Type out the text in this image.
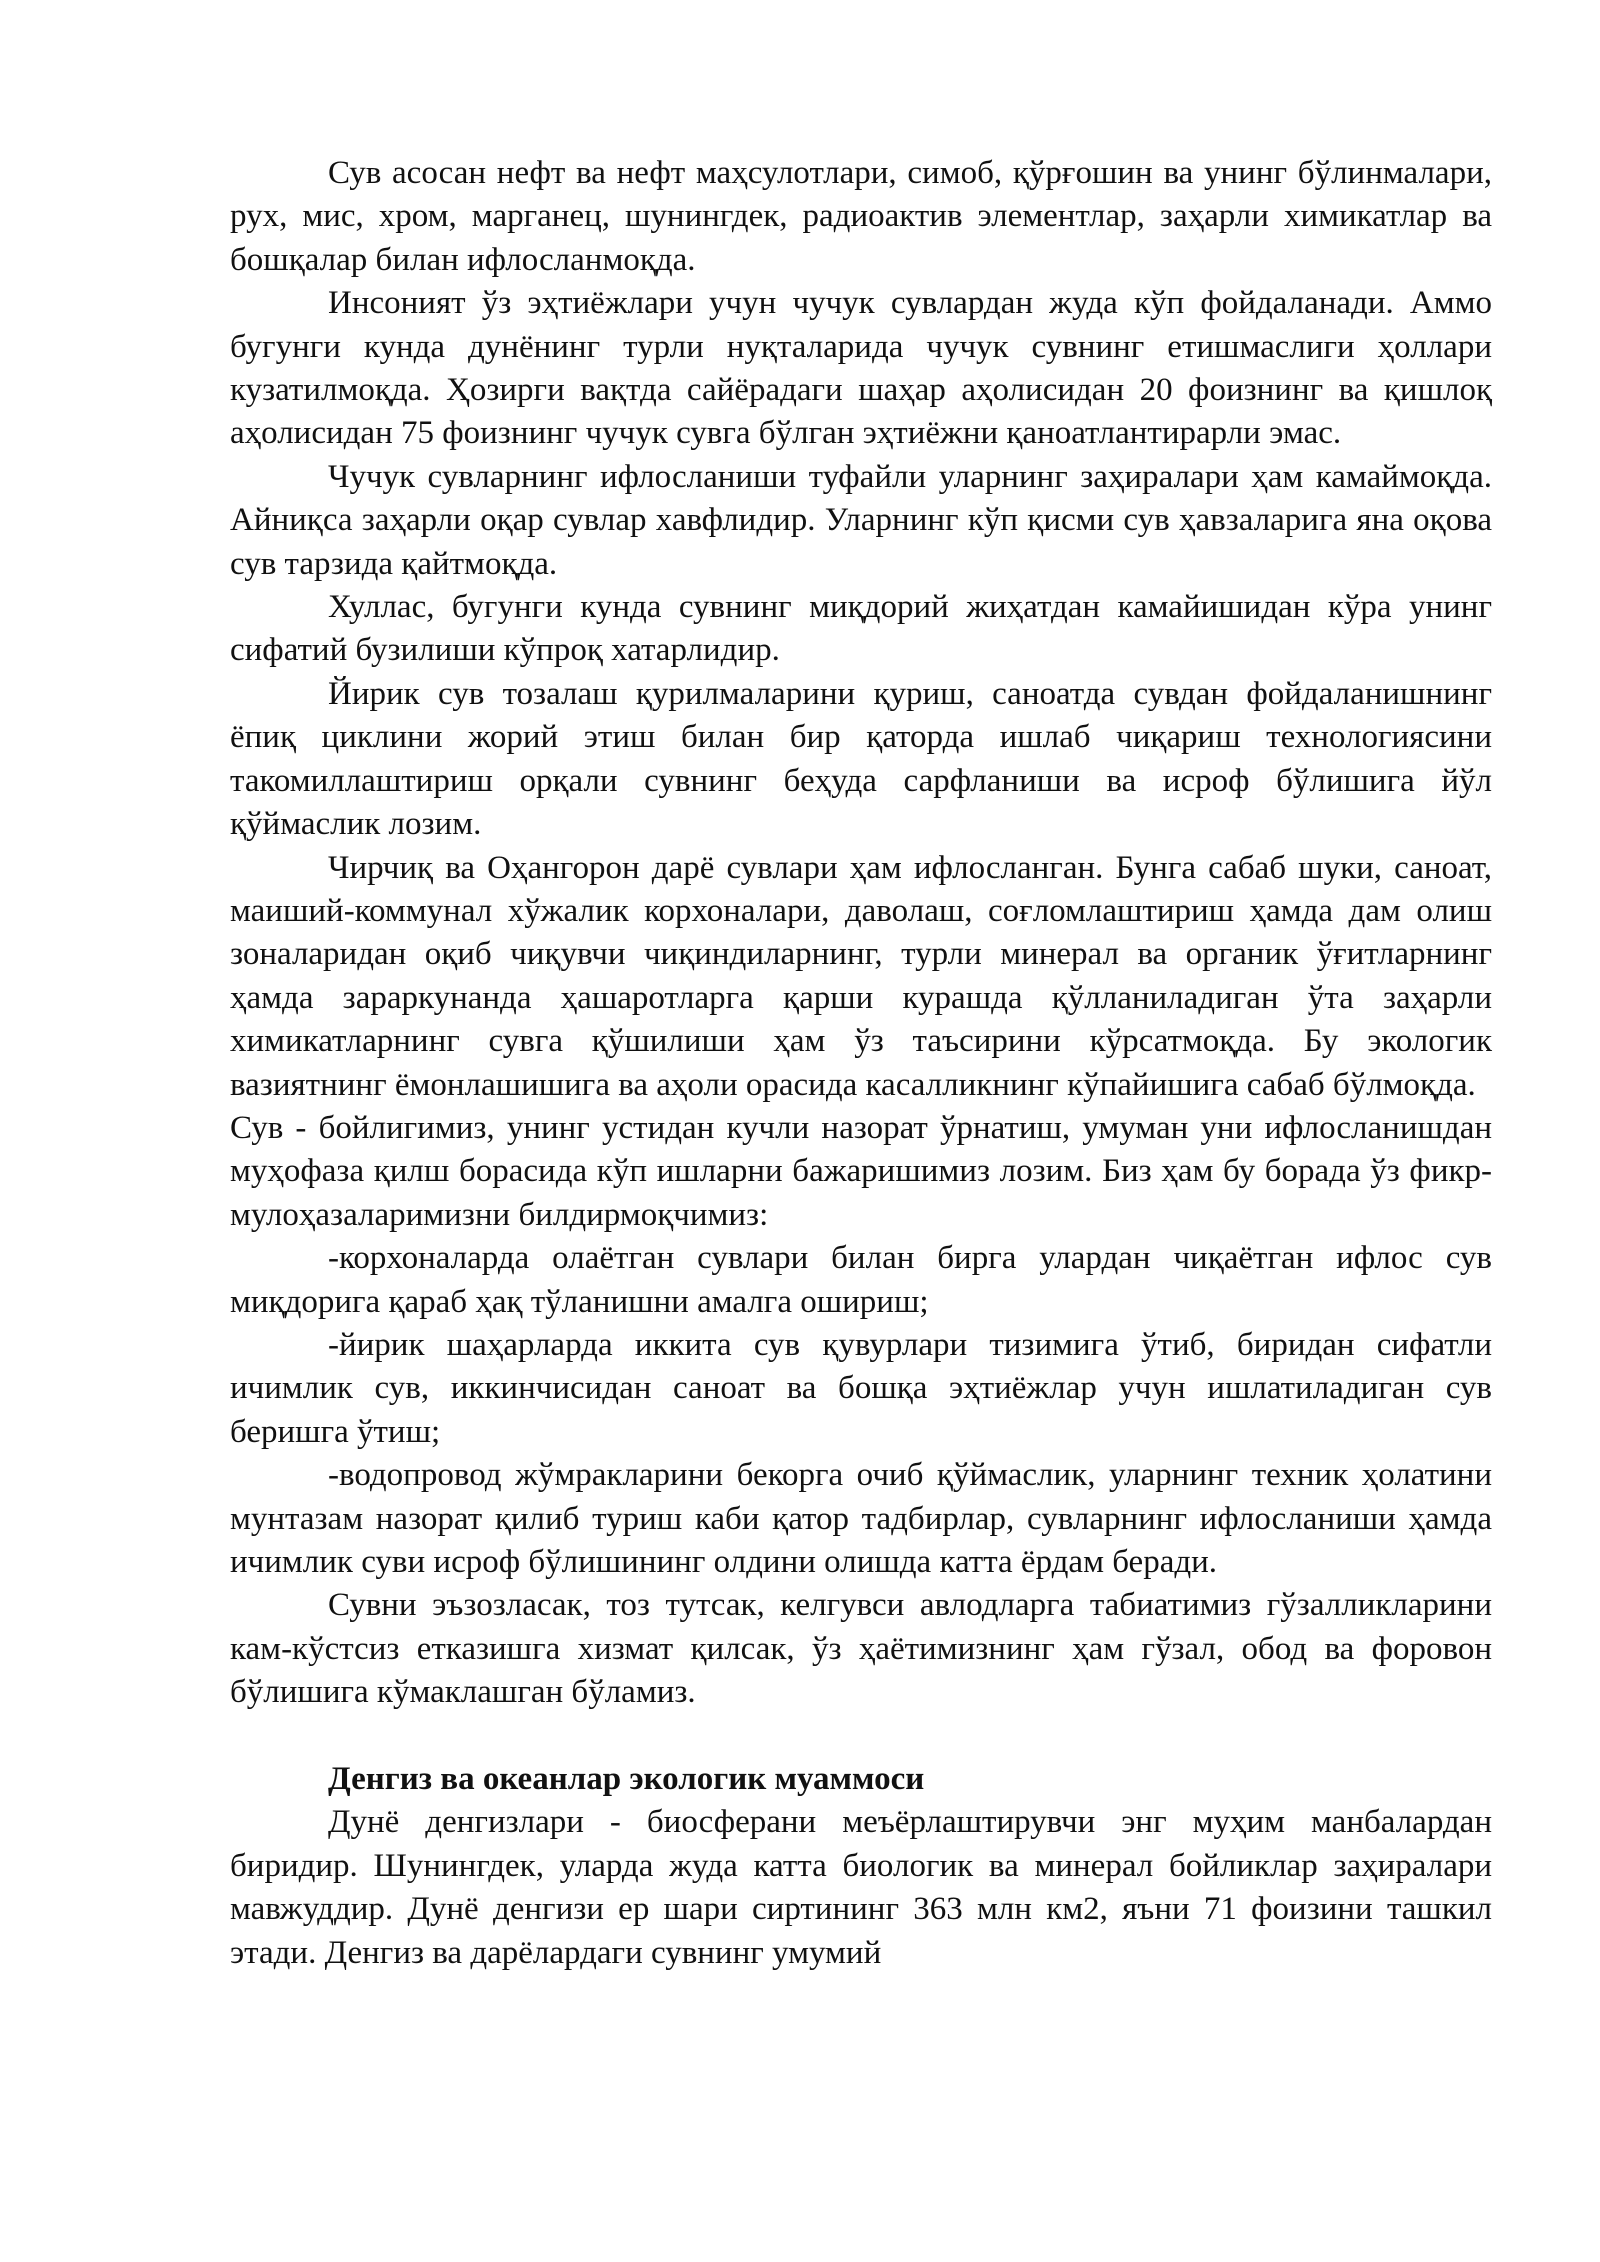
Сув асосан нефт ва нефт маҳсулотлари, симоб, қўрғошин ва унинг бўлинмалари, рух, мис, хром, марганец, шунингдек, радиоактив элементлар, заҳарли химикатлар ва бошқалар билан ифлосланмоқда.

Инсоният ўз эҳтиёжлари учун чучук сувлардан жуда кўп фойдаланади. Аммо бугунги кунда дунёнинг турли нуқталарида чучук сувнинг етишмаслиги ҳоллари кузатилмоқда. Ҳозирги вақтда сайёрадаги шаҳар аҳолисидан 20 фоизнинг ва қишлоқ аҳолисидан 75 фоизнинг чучук сувга бўлган эҳтиёжни қаноатлантирарли эмас.

Чучук сувларнинг ифлосланиши туфайли уларнинг заҳиралари ҳам камаймоқда. Айниқса заҳарли оқар сувлар хавфлидир. Уларнинг кўп қисми сув ҳавзаларига яна оқова сув тарзида қайтмоқда.

Хуллас, бугунги кунда сувнинг миқдорий жиҳатдан камайишидан кўра унинг сифатий бузилиши кўпроқ хатарлидир.

Йирик сув тозалаш қурилмаларини қуриш, саноатда сувдан фойдаланишнинг ёпиқ циклини жорий этиш билан бир қаторда ишлаб чиқариш технологиясини такомиллаштириш орқали сувнинг беҳуда сарфланиши ва исроф бўлишига йўл қўймаслик лозим.

Чирчиқ ва Оҳангорон дарё сувлари ҳам ифлосланган. Бунга сабаб шуки, саноат, маиший-коммунал хўжалик корхоналари, даволаш, соғломлаштириш ҳамда дам олиш зоналаридан оқиб чиқувчи чиқиндиларнинг, турли минерал ва органик ўғитларнинг ҳамда зараркунанда ҳашаротларга қарши курашда қўлланиладиган ўта заҳарли химикатларнинг сувга қўшилиши ҳам ўз таъсирини кўрсатмоқда. Бу экологик вазиятнинг ёмонлашишига ва аҳоли орасида касалликнинг кўпайишига сабаб бўлмоқда.

Сув - бойлигимиз, унинг устидан кучли назорат ўрнатиш, умуман уни ифлосланишдан муҳофаза қилш борасида кўп ишларни бажаришимиз лозим. Биз ҳам бу борада ўз фикр-мулоҳазаларимизни билдирмоқчимиз:

-корхоналарда олаётган сувлари билан бирга улардан чиқаётган ифлос сув миқдорига қараб ҳақ тўланишни амалга ошириш;

-йирик шаҳарларда иккита сув қувурлари тизимига ўтиб, биридан сифатли ичимлик сув, иккинчисидан саноат ва бошқа эҳтиёжлар учун ишлатиладиган сув беришга ўтиш;

-водопровод жўмракларини бекорга очиб қўймаслик, уларнинг техник ҳолатини мунтазам назорат қилиб туриш каби қатор тадбирлар, сувларнинг ифлосланиши ҳамда ичимлик суви исроф бўлишининг олдини олишда катта ёрдам беради.

Сувни эъзозласак, тоз тутсак, келгувси авлодларга табиатимиз гўзалликларини кам-кўстсиз етказишга хизмат қилсак, ўз ҳаётимизнинг ҳам гўзал, обод ва форовон бўлишига кўмаклашган бўламиз.

Денгиз ва океанлар экологик муаммоси

Дунё денгизлари - биосферани меъёрлаштирувчи энг муҳим манбалардан биридир. Шунингдек, уларда жуда катта биологик ва минерал бойликлар заҳиралари мавжуддир. Дунё денгизи ер шари сиртининг 363 млн км2, яъни 71 фоизини ташкил этади. Денгиз ва дарёлардаги сувнинг умумий
